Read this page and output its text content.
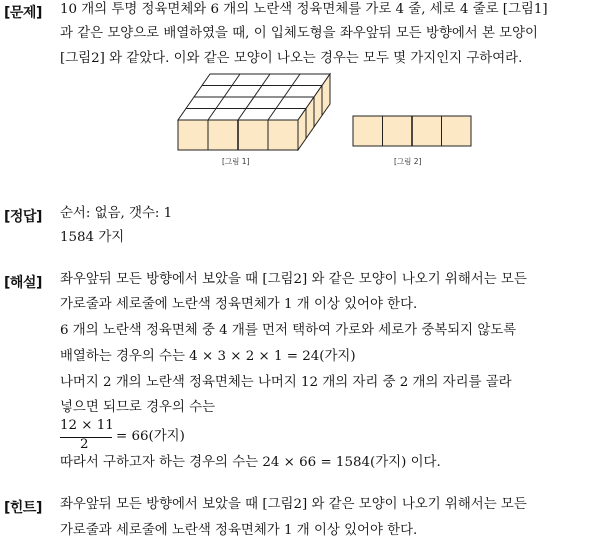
[문제] 10 개의 투명 정육면체와 6 개의 노란색 정육면체를 가로 4 줄, 세로 4 줄로 [그림1]
과 같은 모양으로 배열하였을 때, 이 입체도형을 좌우앞뒤 모든 방향에서 본 모양이
[그림2] 와 같았다. 이와 같은 모양이 나오는 경우는 모두 몇 가지인지 구하여라.
[그림 1]	[그림 2]
[정답] 순서: 없음, 갯수: 1
1584 가지
[해설] 좌우앞뒤 모든 방향에서 보았을 때 [그림2] 와 같은 모양이 나오기 위해서는 모든
가로줄과 세로줄에 노란색 정육면체가 1 개 이상 있어야 한다.
6 개의 노란색 정육면체 중 4 개를 먼저 택하여 가로와 세로가 중복되지 않도록
배열하는 경우의 수는 4 × 3 × 2 × 1 = 24(가지)
나머지 2 개의 노란색 정육면체는 나머지 12 개의 자리 중 2 개의 자리를 골라
넣으면 되므로 경우의 수는
12 × 11
2
= 66(가지)
따라서 구하고자 하는 경우의 수는 24 × 66 = 1584(가지) 이다.
[힌트] 좌우앞뒤 모든 방향에서 보았을 때 [그림2] 와 같은 모양이 나오기 위해서는 모든
가로줄과 세로줄에 노란색 정육면체가 1 개 이상 있어야 한다.
